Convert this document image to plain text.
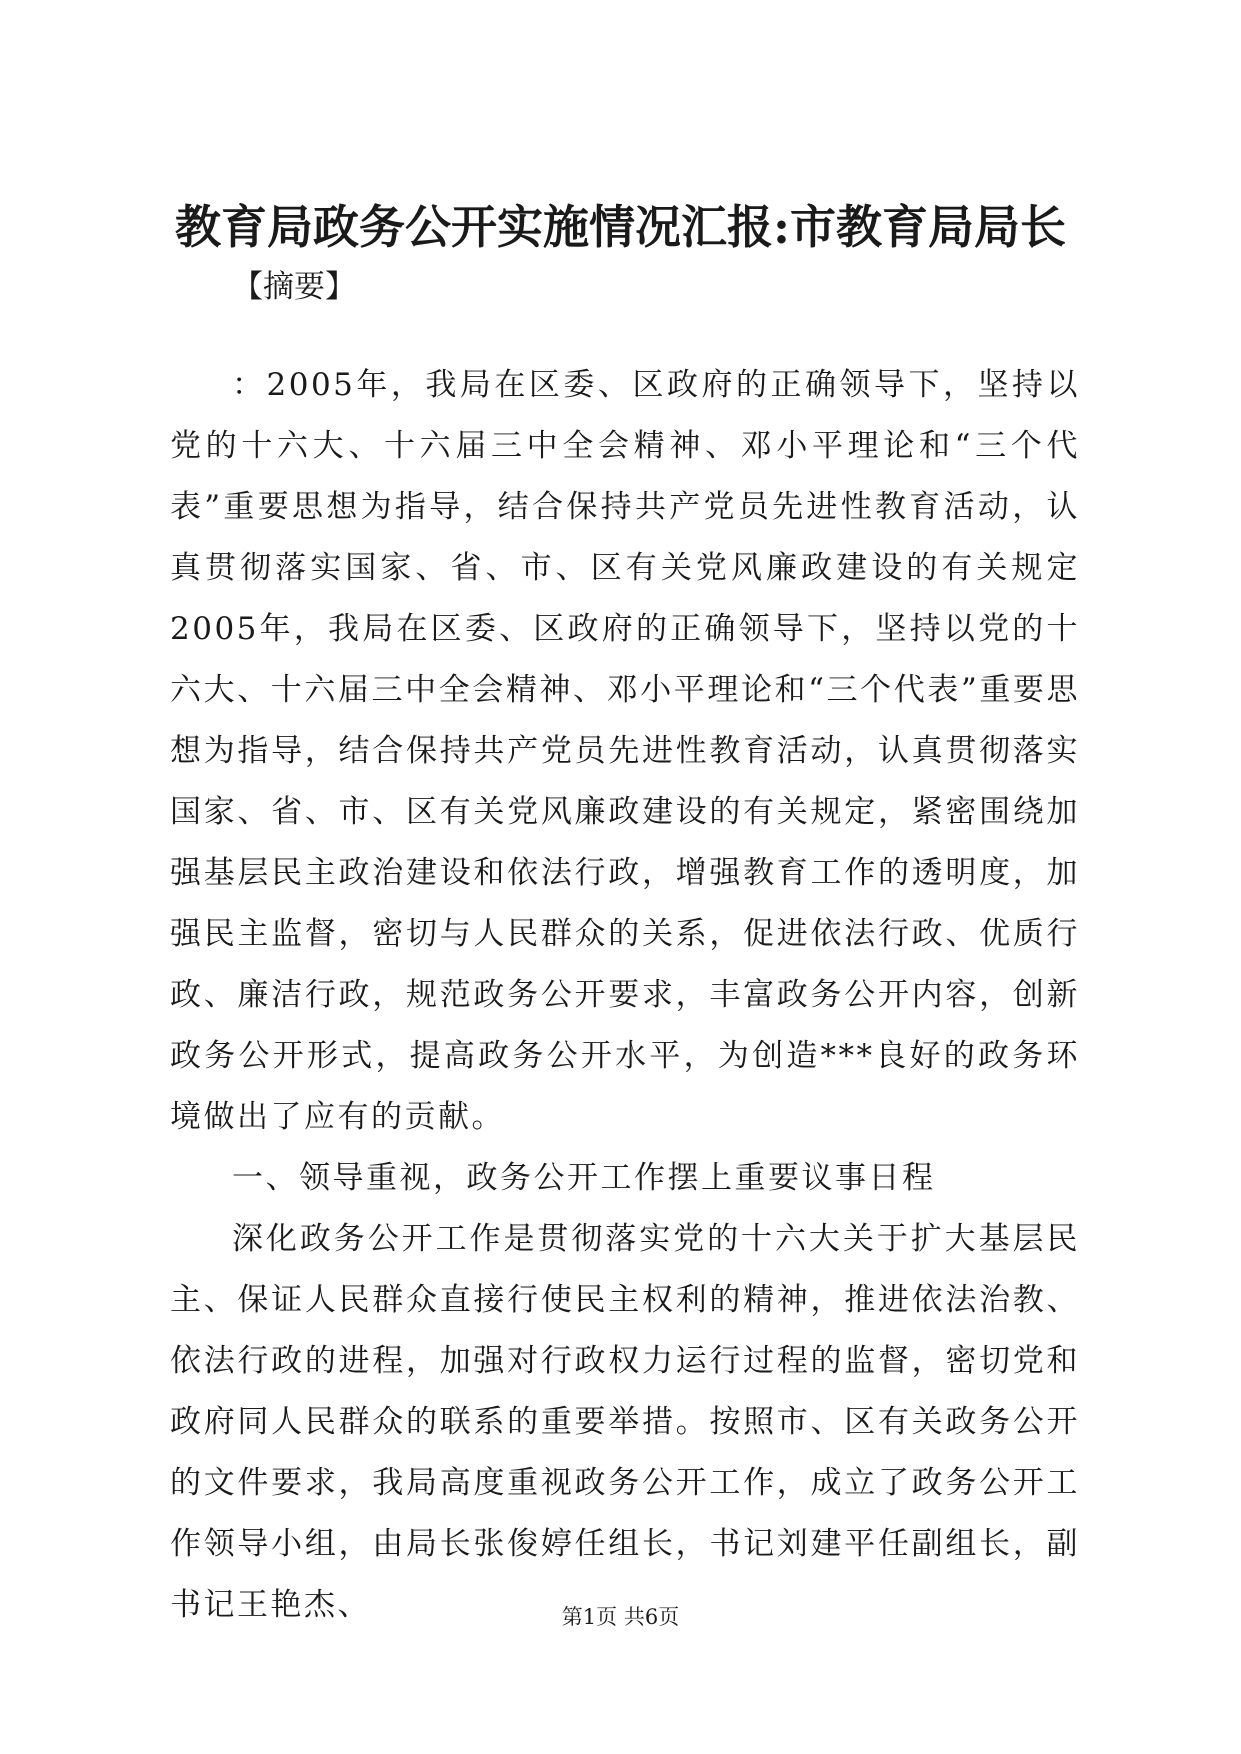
教育局政务公开实施情况汇报:市教育局局长
【摘要】

：2005年，我局在区委、区政府的正确领导下，坚持以党的十六大、十六届三中全会精神、邓小平理论和“三个代表”重要思想为指导，结合保持共产党员先进性教育活动，认真贯彻落实国家、省、市、区有关党风廉政建设的有关规定2005年，我局在区委、区政府的正确领导下，坚持以党的十六大、十六届三中全会精神、邓小平理论和“三个代表”重要思想为指导，结合保持共产党员先进性教育活动，认真贯彻落实国家、省、市、区有关党风廉政建设的有关规定，紧密围绕加强基层民主政治建设和依法行政，增强教育工作的透明度，加强民主监督，密切与人民群众的关系，促进依法行政、优质行政、廉洁行政，规范政务公开要求，丰富政务公开内容，创新政务公开形式，提高政务公开水平，为创造***良好的政务环境做出了应有的贡献。

一、领导重视，政务公开工作摆上重要议事日程

深化政务公开工作是贯彻落实党的十六大关于扩大基层民主、保证人民群众直接行使民主权利的精神，推进依法治教、依法行政的进程，加强对行政权力运行过程的监督，密切党和政府同人民群众的联系的重要举措。按照市、区有关政务公开的文件要求，我局高度重视政务公开工作，成立了政务公开工作领导小组，由局长张俊婷任组长，书记刘建平任副组长，副书记王艳杰、	第1页 共6页
